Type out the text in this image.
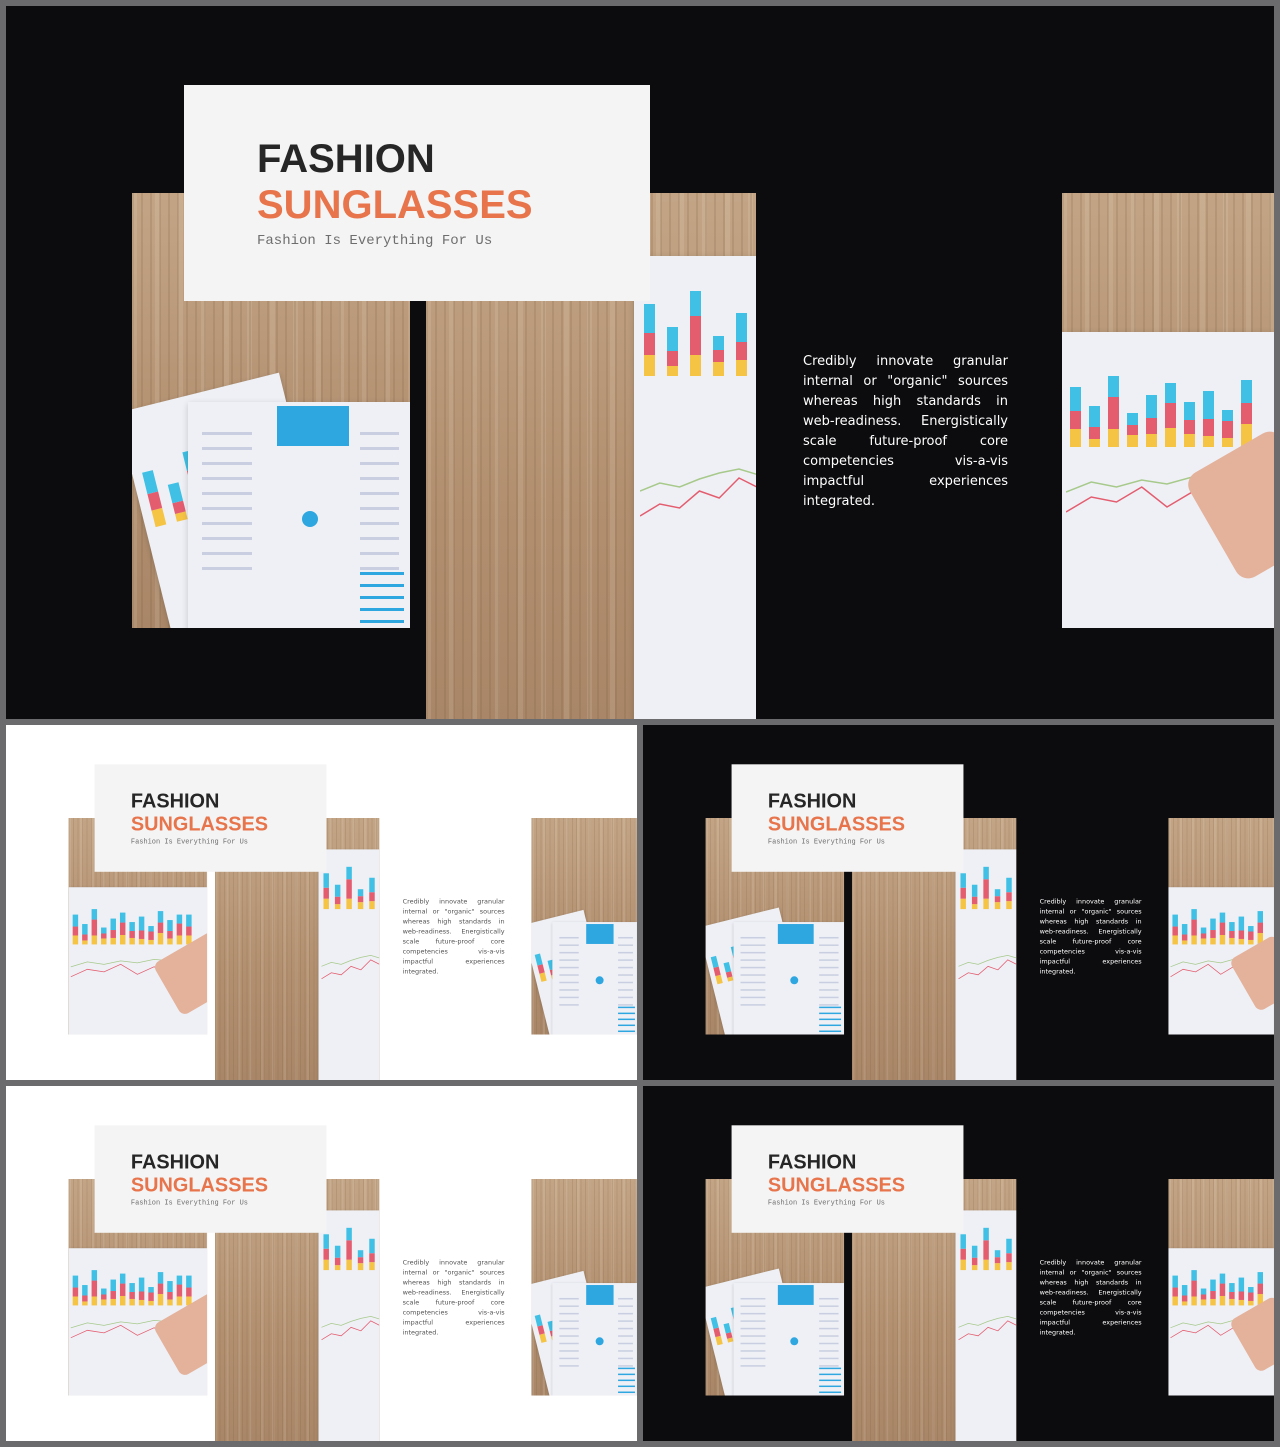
FASHION
SUNGLASSES
Fashion Is Everything For Us
Credibly innovate granular internal or "organic" sources whereas high standards in web-readiness. Energistically scale future-proof core competencies vis-a-vis impactful experiences integrated.
FASHION
SUNGLASSES
Fashion Is Everything For Us
Credibly innovate granular internal or "organic" sources whereas high standards in web-readiness. Energistically scale future-proof core competencies vis-a-vis impactful experiences integrated.
FASHION
SUNGLASSES
Fashion Is Everything For Us
Credibly innovate granular internal or "organic" sources whereas high standards in web-readiness. Energistically scale future-proof core competencies vis-a-vis impactful experiences integrated.
FASHION
SUNGLASSES
Fashion Is Everything For Us
Credibly innovate granular internal or "organic" sources whereas high standards in web-readiness. Energistically scale future-proof core competencies vis-a-vis impactful experiences integrated.
FASHION
SUNGLASSES
Fashion Is Everything For Us
Credibly innovate granular internal or "organic" sources whereas high standards in web-readiness. Energistically scale future-proof core competencies vis-a-vis impactful experiences integrated.
